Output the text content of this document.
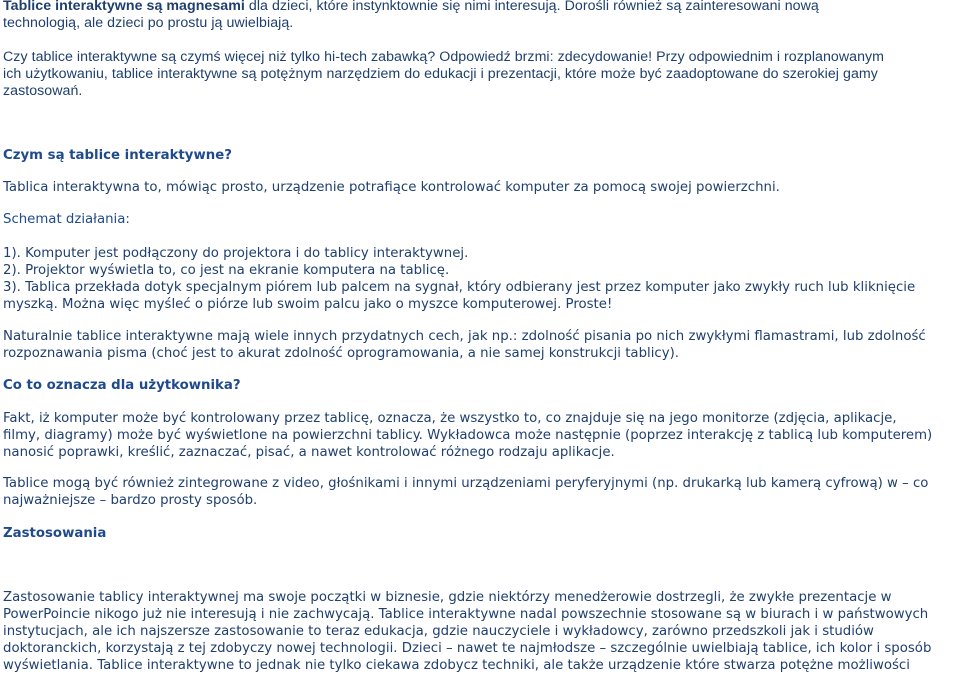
Tablice interaktywne są magnesami dla dzieci, które instynktownie się nimi interesują. Dorośli również są zainteresowani nową
technologią, ale dzieci po prostu ją uwielbiają.
Czy tablice interaktywne są czymś więcej niż tylko hi-tech zabawką? Odpowiedź brzmi: zdecydowanie! Przy odpowiednim i rozplanowanym
ich użytkowaniu, tablice interaktywne są potężnym narzędziem do edukacji i prezentacji, które może być zaadoptowane do szerokiej gamy
zastosowań.
Czym są tablice interaktywne?
Tablica interaktywna to, mówiąc prosto, urządzenie potrafiące kontrolować komputer za pomocą swojej powierzchni.
Schemat działania:
1). Komputer jest podłączony do projektora i do tablicy interaktywnej.
2). Projektor wyświetla to, co jest na ekranie komputera na tablicę.
3). Tablica przekłada dotyk specjalnym piórem lub palcem na sygnał, który odbierany jest przez komputer jako zwykły ruch lub kliknięcie
myszką. Można więc myśleć o piórze lub swoim palcu jako o myszce komputerowej. Proste!
Naturalnie tablice interaktywne mają wiele innych przydatnych cech, jak np.: zdolność pisania po nich zwykłymi flamastrami, lub zdolność
rozpoznawania pisma (choć jest to akurat zdolność oprogramowania, a nie samej konstrukcji tablicy).
Co to oznacza dla użytkownika?
Fakt, iż komputer może być kontrolowany przez tablicę, oznacza, że wszystko to, co znajduje się na jego monitorze (zdjęcia, aplikacje,
filmy, diagramy) może być wyświetlone na powierzchni tablicy. Wykładowca może następnie (poprzez interakcję z tablicą lub komputerem)
nanosić poprawki, kreślić, zaznaczać, pisać, a nawet kontrolować różnego rodzaju aplikacje.
Tablice mogą być również zintegrowane z video, głośnikami i innymi urządzeniami peryferyjnymi (np. drukarką lub kamerą cyfrową) w – co
najważniejsze – bardzo prosty sposób.
Zastosowania
Zastosowanie tablicy interaktywnej ma swoje początki w biznesie, gdzie niektórzy menedżerowie dostrzegli, że zwykłe prezentacje w
PowerPoincie nikogo już nie interesują i nie zachwycają. Tablice interaktywne nadal powszechnie stosowane są w biurach i w państwowych
instytucjach, ale ich najszersze zastosowanie to teraz edukacja, gdzie nauczyciele i wykładowcy, zarówno przedszkoli jak i studiów
doktoranckich, korzystają z tej zdobyczy nowej technologii. Dzieci – nawet te najmłodsze – szczególnie uwielbiają tablice, ich kolor i sposób
wyświetlania. Tablice interaktywne to jednak nie tylko ciekawa zdobycz techniki, ale także urządzenie które stwarza potężne możliwości
